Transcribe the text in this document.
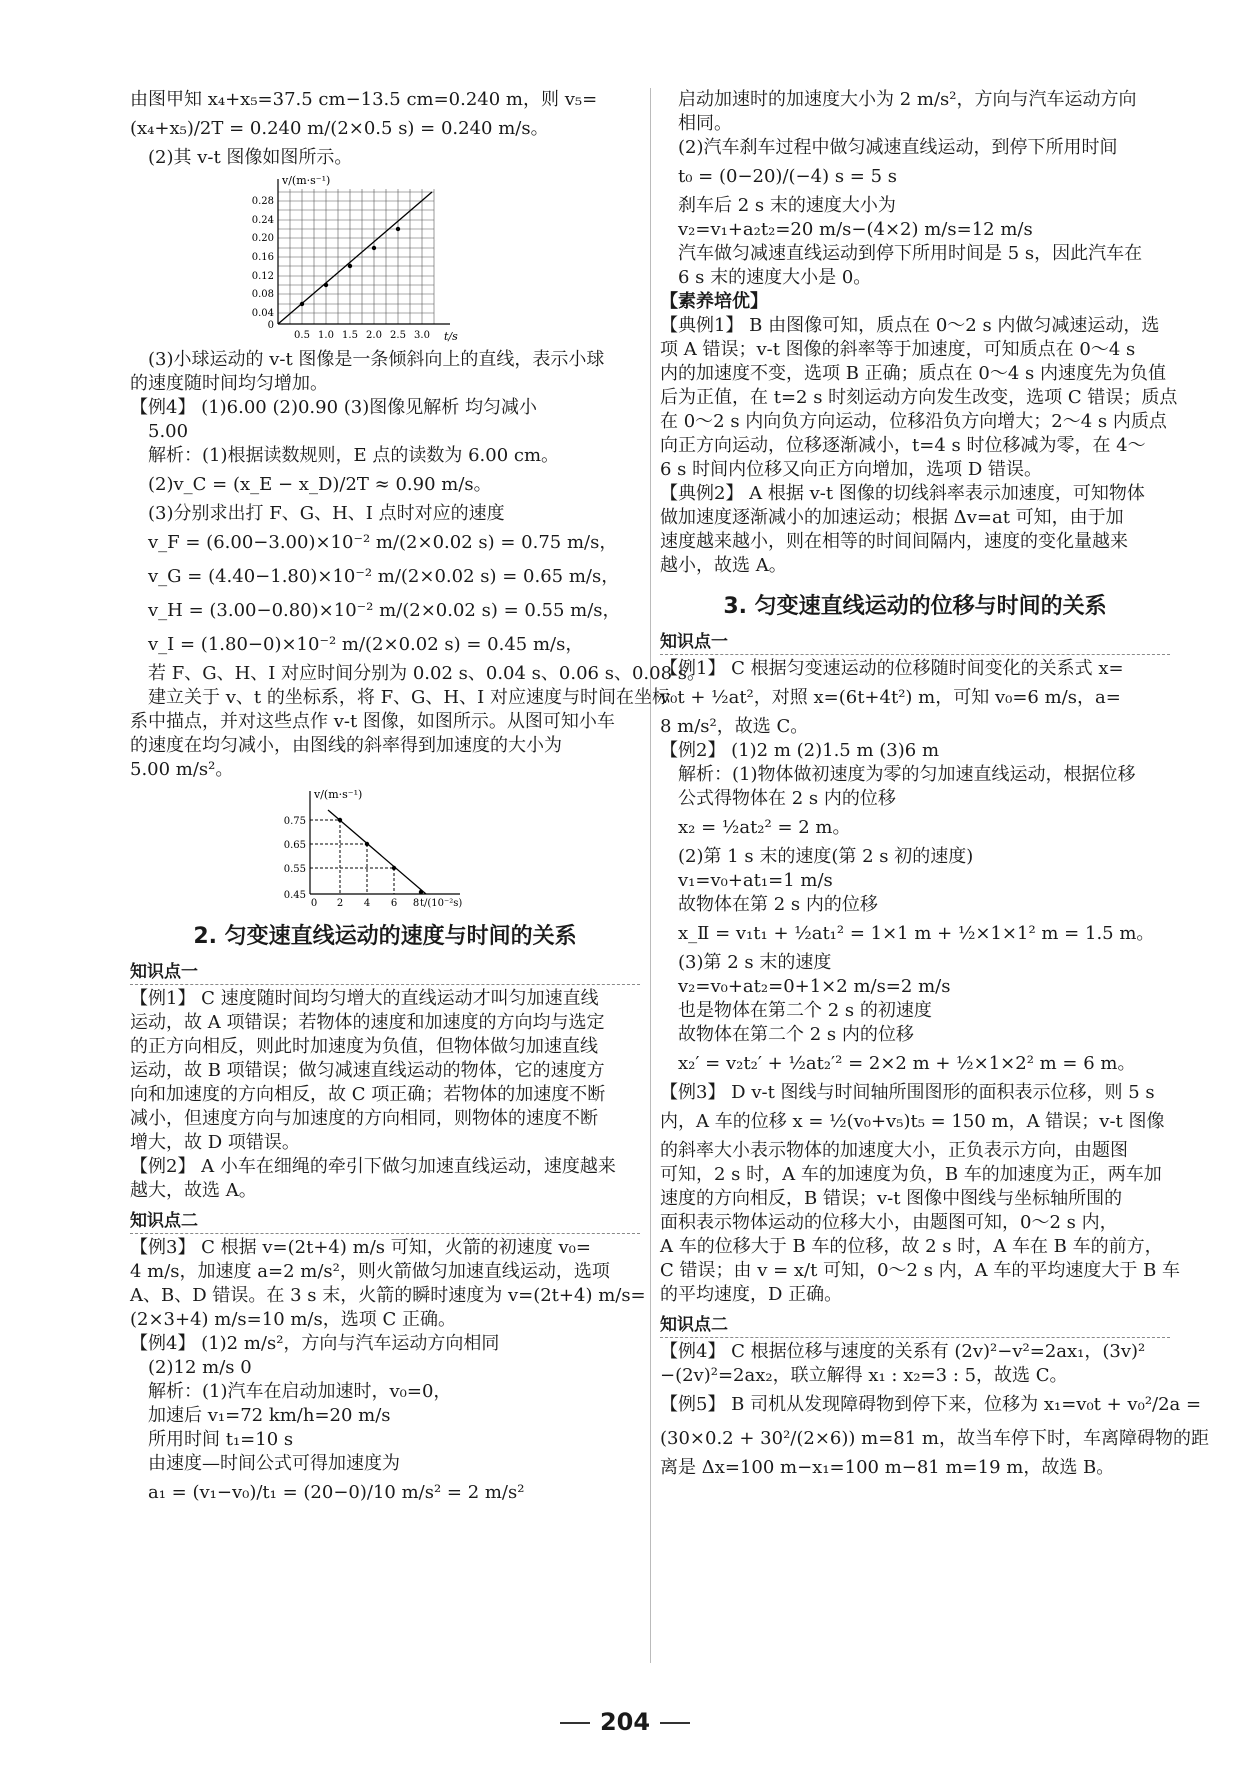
由图甲知 x₄+x₅=37.5 cm−13.5 cm=0.240 m，则 v₅=

(x₄+x₅)/2T = 0.240 m/(2×0.5 s) = 0.240 m/s。

(2)其 v-t 图像如图所示。

v/(m·s⁻¹)
t/s
0.28
0.24
0.20
0.16
0.12
0.08
0.04
0
0.5 1.0 1.5 2.0 2.5 3.0

(3)小球运动的 v-t 图像是一条倾斜向上的直线，表示小球

的速度随时间均匀增加。

【例4】 (1)6.00 (2)0.90 (3)图像见解析 均匀减小

5.00

解析：(1)根据读数规则，E 点的读数为 6.00 cm。

(2)v_C = (x_E − x_D)/2T ≈ 0.90 m/s。

(3)分别求出打 F、G、H、I 点时对应的速度

v_F = (6.00−3.00)×10⁻² m/(2×0.02 s) = 0.75 m/s，

v_G = (4.40−1.80)×10⁻² m/(2×0.02 s) = 0.65 m/s，

v_H = (3.00−0.80)×10⁻² m/(2×0.02 s) = 0.55 m/s，

v_I = (1.80−0)×10⁻² m/(2×0.02 s) = 0.45 m/s，

若 F、G、H、I 对应时间分别为 0.02 s、0.04 s、0.06 s、0.08 s。

建立关于 v、t 的坐标系，将 F、G、H、I 对应速度与时间在坐标

系中描点，并对这些点作 v-t 图像，如图所示。从图可知小车

的速度在均匀减小，由图线的斜率得到加速度的大小为

5.00 m/s²。

v/(m·s⁻¹)
t/(10⁻²s)
0.75
0.65
0.55
0.45
0 2 4 6 8
2. 匀变速直线运动的速度与时间的关系
知识点一

【例1】 C 速度随时间均匀增大的直线运动才叫匀加速直线

运动，故 A 项错误；若物体的速度和加速度的方向均与选定

的正方向相反，则此时加速度为负值，但物体做匀加速直线

运动，故 B 项错误；做匀减速直线运动的物体，它的速度方

向和加速度的方向相反，故 C 项正确；若物体的加速度不断

减小，但速度方向与加速度的方向相同，则物体的速度不断

增大，故 D 项错误。

【例2】 A 小车在细绳的牵引下做匀加速直线运动，速度越来

越大，故选 A。

知识点二

【例3】 C 根据 v=(2t+4) m/s 可知，火箭的初速度 v₀=

4 m/s，加速度 a=2 m/s²，则火箭做匀加速直线运动，选项

A、B、D 错误。在 3 s 末，火箭的瞬时速度为 v=(2t+4) m/s=

(2×3+4) m/s=10 m/s，选项 C 正确。

【例4】 (1)2 m/s²，方向与汽车运动方向相同

(2)12 m/s 0

解析：(1)汽车在启动加速时，v₀=0，

加速后 v₁=72 km/h=20 m/s

所用时间 t₁=10 s

由速度—时间公式可得加速度为

a₁ = (v₁−v₀)/t₁ = (20−0)/10 m/s² = 2 m/s²

启动加速时的加速度大小为 2 m/s²，方向与汽车运动方向

相同。

(2)汽车刹车过程中做匀减速直线运动，到停下所用时间

t₀ = (0−20)/(−4) s = 5 s

刹车后 2 s 末的速度大小为

v₂=v₁+a₂t₂=20 m/s−(4×2) m/s=12 m/s

汽车做匀减速直线运动到停下所用时间是 5 s，因此汽车在

6 s 末的速度大小是 0。

【素养培优】

【典例1】 B 由图像可知，质点在 0～2 s 内做匀减速运动，选

项 A 错误；v-t 图像的斜率等于加速度，可知质点在 0～4 s

内的加速度不变，选项 B 正确；质点在 0～4 s 内速度先为负值

后为正值，在 t=2 s 时刻运动方向发生改变，选项 C 错误；质点

在 0～2 s 内向负方向运动，位移沿负方向增大；2～4 s 内质点

向正方向运动，位移逐渐减小，t=4 s 时位移减为零，在 4～

6 s 时间内位移又向正方向增加，选项 D 错误。

【典例2】 A 根据 v-t 图像的切线斜率表示加速度，可知物体

做加速度逐渐减小的加速运动；根据 Δv=at 可知，由于加

速度越来越小，则在相等的时间间隔内，速度的变化量越来

越小，故选 A。

3. 匀变速直线运动的位移与时间的关系
知识点一

【例1】 C 根据匀变速运动的位移随时间变化的关系式 x=

v₀t + ½at²，对照 x=(6t+4t²) m，可知 v₀=6 m/s，a=

8 m/s²，故选 C。

【例2】 (1)2 m (2)1.5 m (3)6 m

解析：(1)物体做初速度为零的匀加速直线运动，根据位移

公式得物体在 2 s 内的位移

x₂ = ½at₂² = 2 m。

(2)第 1 s 末的速度(第 2 s 初的速度)

v₁=v₀+at₁=1 m/s

故物体在第 2 s 内的位移

x_Ⅱ = v₁t₁ + ½at₁² = 1×1 m + ½×1×1² m = 1.5 m。

(3)第 2 s 末的速度

v₂=v₀+at₂=0+1×2 m/s=2 m/s

也是物体在第二个 2 s 的初速度

故物体在第二个 2 s 内的位移

x₂′ = v₂t₂′ + ½at₂′² = 2×2 m + ½×1×2² m = 6 m。

【例3】 D v-t 图线与时间轴所围图形的面积表示位移，则 5 s

内，A 车的位移 x = ½(v₀+v₅)t₅ = 150 m，A 错误；v-t 图像

的斜率大小表示物体的加速度大小，正负表示方向，由题图

可知，2 s 时，A 车的加速度为负，B 车的加速度为正，两车加

速度的方向相反，B 错误；v-t 图像中图线与坐标轴所围的

面积表示物体运动的位移大小，由题图可知，0～2 s 内，

A 车的位移大于 B 车的位移，故 2 s 时，A 车在 B 车的前方，

C 错误；由 v = x/t 可知，0～2 s 内，A 车的平均速度大于 B 车

的平均速度，D 正确。

知识点二

【例4】 C 根据位移与速度的关系有 (2v)²−v²=2ax₁，(3v)²

−(2v)²=2ax₂，联立解得 x₁ : x₂=3 : 5，故选 C。

【例5】 B 司机从发现障碍物到停下来，位移为 x₁=v₀t + v₀²/2a =

(30×0.2 + 30²/(2×6)) m=81 m，故当车停下时，车离障碍物的距

离是 Δx=100 m−x₁=100 m−81 m=19 m，故选 B。

204
